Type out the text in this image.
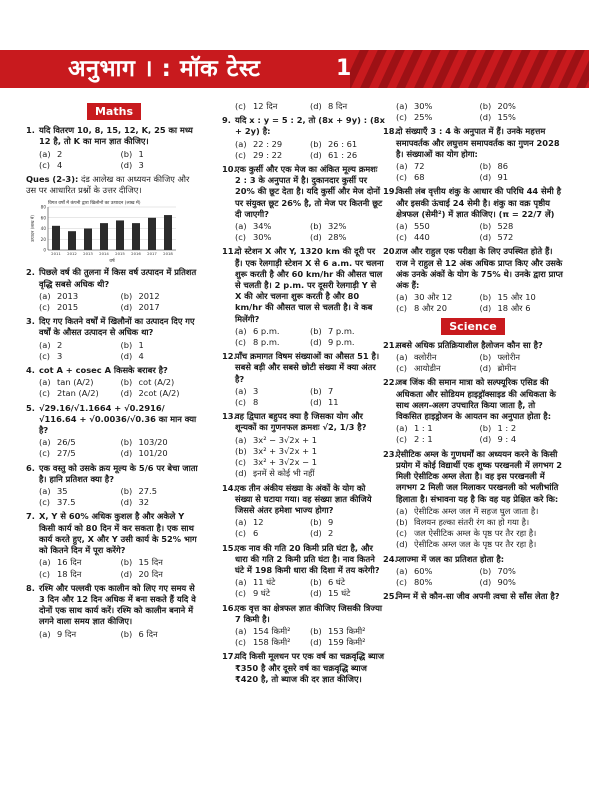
अनुभाग । : मॉक टेस्ट	1
Maths
1. यदि वितरण 10, 8, 15, 12, K, 25 का मध्य 12 है, तो K का मान ज्ञात कीजिए।
(a) 2	(b) 1
(c) 4	(d) 3
Ques (2-3): दंड आलेख का अध्ययन कीजिए और उस पर आधारित प्रश्नों के उत्तर दीजिए।
विगत वर्षों में कंपनी द्वारा खिलौनों का उत्पादन (लाख में)
0
20
40
60
80
2011 2012 2013 2014 2015 2016 2017 2018
वर्ष
उत्पादन (लाख में)
2. पिछले वर्ष की तुलना में किस वर्ष उत्पादन में प्रतिशत वृद्धि सबसे अधिक थी?
(a) 2013	(b) 2012
(c) 2015	(d) 2017
3. दिए गए कितने वर्षों में खिलौनों का उत्पादन दिए गए वर्षों के औसत उत्पादन से अधिक था?
(a) 2	(b) 1
(c) 3	(d) 4
4. cot A + cosec A किसके बराबर है?
(a) tan (A/2)	(b) cot (A/2)
(c) 2tan (A/2)	(d) 2cot (A/2)
5. √29.16/√1.1664 + √0.2916/√116.64 + √0.0036/√0.36 का मान क्या है?
(a) 26/5	(b) 103/20
(c) 27/5	(d) 101/20
6. एक वस्तु को उसके क्रय मूल्य के 5/6 पर बेचा जाता है। हानि प्रतिशत क्या है?
(a) 35	(b) 27.5
(c) 37.5	(d) 32
7. X, Y से 60% अधिक कुशल है और अकेले Y किसी कार्य को 80 दिन में कर सकता है। एक साथ कार्य करते हुए, X और Y उसी कार्य के 52% भाग को कितने दिन में पूरा करेंगे?
(a) 16 दिन	(b) 15 दिन
(c) 18 दिन	(d) 20 दिन
8. रश्मि और पल्लवी एक कालीन को लिए गए समय से 3 दिन और 12 दिन अधिक में बना सकते हैं यदि वे दोनों एक साथ कार्य करें। रश्मि को कालीन बनाने में लगने वाला समय ज्ञात कीजिए।
(a) 9 दिन	(b) 6 दिन
(c) 12 दिन	(d) 8 दिन
9. यदि x : y = 5 : 2, तो (8x + 9y) : (8x + 2y) है:
(a) 22 : 29	(b) 26 : 61
(c) 29 : 22	(d) 61 : 26
10.
एक कुर्सी और एक मेज का अंकित मूल्य क्रमशः 2 : 3 के अनुपात में है। दुकानदार कुर्सी पर 20% की छूट देता है। यदि कुर्सी और मेज दोनों पर संयुक्त छूट 26% है, तो मेज पर कितनी छूट दी जाएगी?
(a) 34%	(b) 32%
(c) 30%	(d) 28%
11.
दो स्टेशन X और Y, 1320 km की दूरी पर हैं। एक रेलगाड़ी स्टेशन X से 6 a.m. पर चलना शुरू करती है और 60 km/hr की औसत चाल से चलती है। 2 p.m. पर दूसरी रेलगाड़ी Y से X की ओर चलना शुरू करती है और 80 km/hr की औसत चाल से चलती है। वे कब मिलेंगी?
(a) 6 p.m.	(b) 7 p.m.
(c) 8 p.m.	(d) 9 p.m.
12.
पाँच क्रमागत विषम संख्याओं का औसत 51 है। सबसे बड़ी और सबसे छोटी संख्या में क्या अंतर है?
(a) 3	(b) 7
(c) 8	(d) 11
13.
वह द्विघात बहुपद क्या है जिसका योग और शून्यकों का गुणनफल क्रमशः √2, 1/3 है?
(a) 3x² − 3√2x + 1
(b) 3x² + 3√2x + 1
(c) 3x² + 3√2x − 1
(d) इनमें से कोई भी नहीं
14.
एक तीन अंकीय संख्या के अंकों के योग को संख्या से घटाया गया। वह संख्या ज्ञात कीजिये जिससे अंतर हमेशा भाज्य होगा?
(a) 12	(b) 9
(c) 6	(d) 2
15.
एक नाव की गति 20 किमी प्रति घंटा है, और धारा की गति 2 किमी प्रति घंटा है। नाव कितने घंटे में 198 किमी धारा की दिशा में तय करेगी?
(a) 11 घंटे	(b) 6 घंटे
(c) 9 घंटे	(d) 15 घंटे
16.
एक वृत्त का क्षेत्रफल ज्ञात कीजिए जिसकी त्रिज्या 7 किमी है।
(a) 154 किमी² (b) 153 किमी²
(c) 158 किमी² (d) 159 किमी²
17.
यदि किसी मूलधन पर एक वर्ष का चक्रवृद्धि ब्याज ₹350 है और दूसरे वर्ष का चक्रवृद्धि ब्याज ₹420 है, तो ब्याज की दर ज्ञात कीजिए।
(a) 30%	(b) 20%
(c) 25%	(d) 15%
18.
दो संख्याएँ 3 : 4 के अनुपात में हैं। उनके महत्तम समापवर्तक और लघुत्तम समापवर्तक का गुणन 2028 है। संख्याओं का योग होगा:
(a) 72	(b) 86
(c) 68	(d) 91
19.
किसी लंब वृत्तीय शंकु के आधार की परिधि 44 सेमी है और इसकी ऊंचाई 24 सेमी है। शंकु का वक्र पृष्ठीय क्षेत्रफल (सेमी²) में ज्ञात कीजिए। (π = 22/7 लें)
(a) 550	(b) 528
(c) 440	(d) 572
20.
राज और राहुल एक परीक्षा के लिए उपस्थित होते हैं। राज ने राहुल से 12 अंक अधिक प्राप्त किए और उसके अंक उनके अंकों के योग के 75% थे। उनके द्वारा प्राप्त अंक हैं:
(a) 30 और 12	(b) 15 और 10
(c) 8 और 20	(d) 18 और 6
Science
21.
सबसे अधिक प्रतिक्रियाशील हैलोजन कौन सा है?
(a) क्लोरीन	(b) फ्लोरीन
(c) आयोडीन	(d) ब्रोमीन
22.
जब जिंक की समान मात्रा को सल्फ्यूरिक एसिड की अधिकता और सोडियम हाइड्रॉक्साइड की अधिकता के साथ अलग-अलग उपचारित किया जाता है, तो विकसित हाइड्रोजन के आयतन का अनुपात होता है:
(a) 1 : 1	(b) 1 : 2
(c) 2 : 1	(d) 9 : 4
23.
ऐसीटिक अम्ल के गुणधर्मों का अध्ययन करने के किसी प्रयोग में कोई विद्यार्थी एक शुष्क परखनली में लगभग 2 मिली ऐसीटिक अम्ल लेता है। वह इस परखनली में लगभग 2 मिली जल मिलाकर परखनली को भलीभांति हिलाता है। संभावना यह है कि वह यह प्रेक्षित करे कि:
(a) ऐसीटिक अम्ल जल में सहज घुल जाता है।
(b) विलयन हल्का संतरी रंग का हो गया है।
(c) जल ऐसीटिक अम्ल के पृष्ठ पर तैर रहा है।
(d) ऐसीटिक अम्ल जल के पृष्ठ पर तैर रहा है।
24.
प्लाज्मा में जल का प्रतिशत होता है:
(a) 60%	(b) 70%
(c) 80%	(d) 90%
25.
निम्न में से कौन-सा जीव अपनी त्वचा से साँस लेता है?
